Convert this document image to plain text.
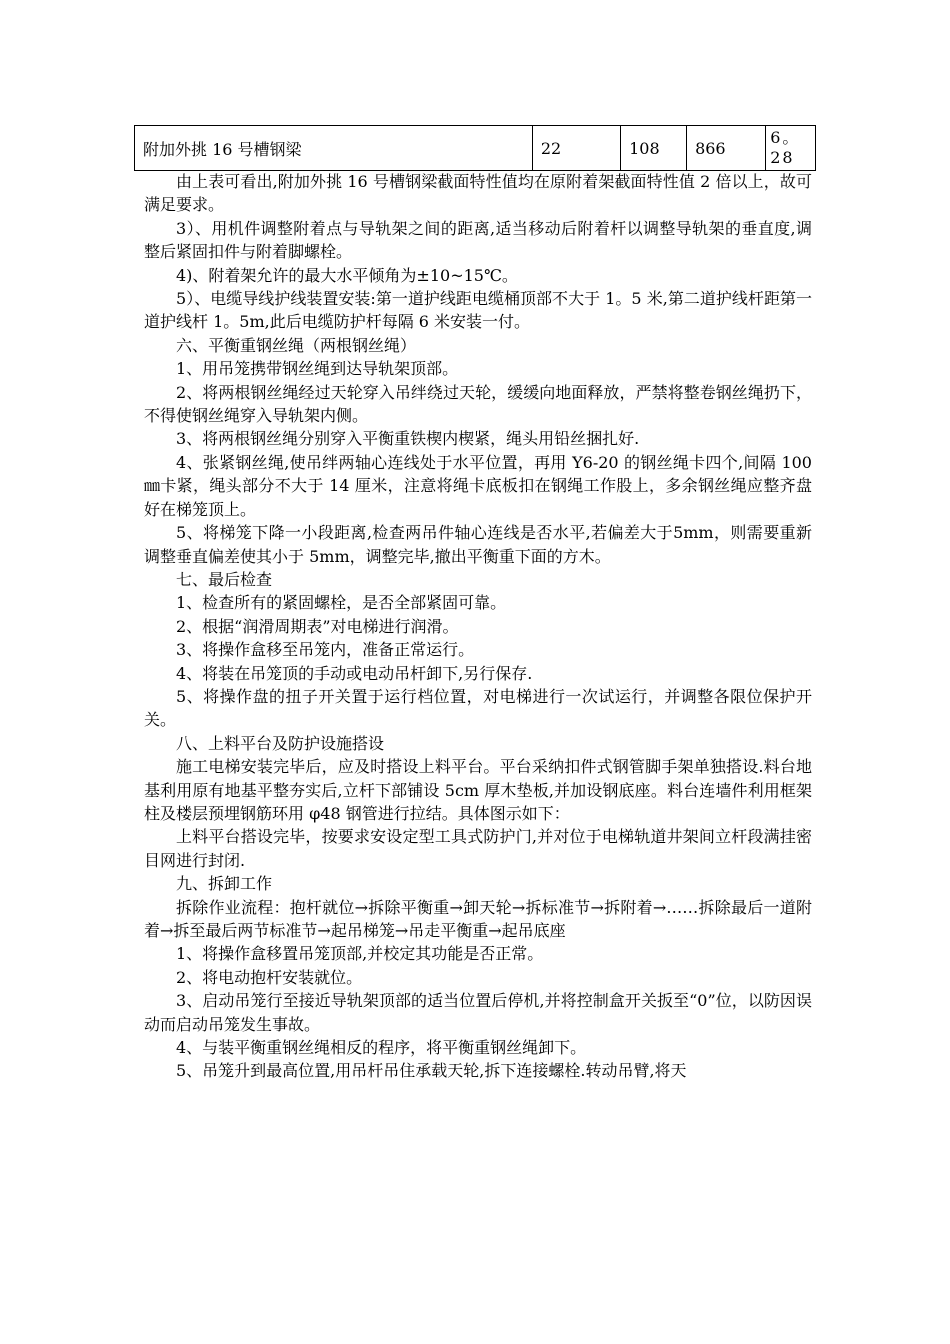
附加外挑 16 号槽钢梁	22	108	866	6。28

由上表可看出,附加外挑 16 号槽钢梁截面特性值均在原附着架截面特性值 2 倍以上，故可满足要求。

3）、用机件调整附着点与导轨架之间的距离,适当移动后附着杆以调整导轨架的垂直度,调整后紧固扣件与附着脚螺栓。

4)、附着架允许的最大水平倾角为±10~15℃。

5）、电缆导线护线装置安装:第一道护线距电缆桶顶部不大于 1。5 米,第二道护线杆距第一道护线杆 1。5m,此后电缆防护杆每隔 6 米安装一付。

六、平衡重钢丝绳（两根钢丝绳）

1、用吊笼携带钢丝绳到达导轨架顶部。

2、将两根钢丝绳经过天轮穿入吊绊绕过天轮，缓缓向地面释放，严禁将整卷钢丝绳扔下，不得使钢丝绳穿入导轨架内侧。

3、将两根钢丝绳分别穿入平衡重铁楔内楔紧，绳头用铅丝捆扎好.

4、张紧钢丝绳,使吊绊两轴心连线处于水平位置，再用 Y6-20 的钢丝绳卡四个,间隔 100㎜卡紧，绳头部分不大于 14 厘米，注意将绳卡底板扣在钢绳工作股上，多余钢丝绳应整齐盘好在梯笼顶上。

5、将梯笼下降一小段距离,检查两吊件轴心连线是否水平,若偏差大于5mm，则需要重新调整垂直偏差使其小于 5mm，调整完毕,撤出平衡重下面的方木。

七、最后检查

1、检查所有的紧固螺栓，是否全部紧固可靠。

2、根据“润滑周期表”对电梯进行润滑。

3、将操作盒移至吊笼内，准备正常运行。

4、将装在吊笼顶的手动或电动吊杆卸下,另行保存.

5、将操作盘的扭子开关置于运行档位置，对电梯进行一次试运行，并调整各限位保护开关。

八、上料平台及防护设施搭设

施工电梯安装完毕后，应及时搭设上料平台。平台采纳扣件式钢管脚手架单独搭设.料台地基利用原有地基平整夯实后,立杆下部铺设 5cm 厚木垫板,并加设钢底座。料台连墙件利用框架柱及楼层预埋钢筋环用 φ48 钢管进行拉结。具体图示如下：

上料平台搭设完毕，按要求安设定型工具式防护门,并对位于电梯轨道井架间立杆段满挂密目网进行封闭.

九、拆卸工作

拆除作业流程：抱杆就位→拆除平衡重→卸天轮→拆标准节→拆附着→……拆除最后一道附着→拆至最后两节标准节→起吊梯笼→吊走平衡重→起吊底座

1、将操作盒移置吊笼顶部,并校定其功能是否正常。

2、将电动抱杆安装就位。

3、启动吊笼行至接近导轨架顶部的适当位置后停机,并将控制盒开关扳至“0”位，以防因误动而启动吊笼发生事故。

4、与装平衡重钢丝绳相反的程序，将平衡重钢丝绳卸下。

5、吊笼升到最高位置,用吊杆吊住承载天轮,拆下连接螺栓.转动吊臂,将天
